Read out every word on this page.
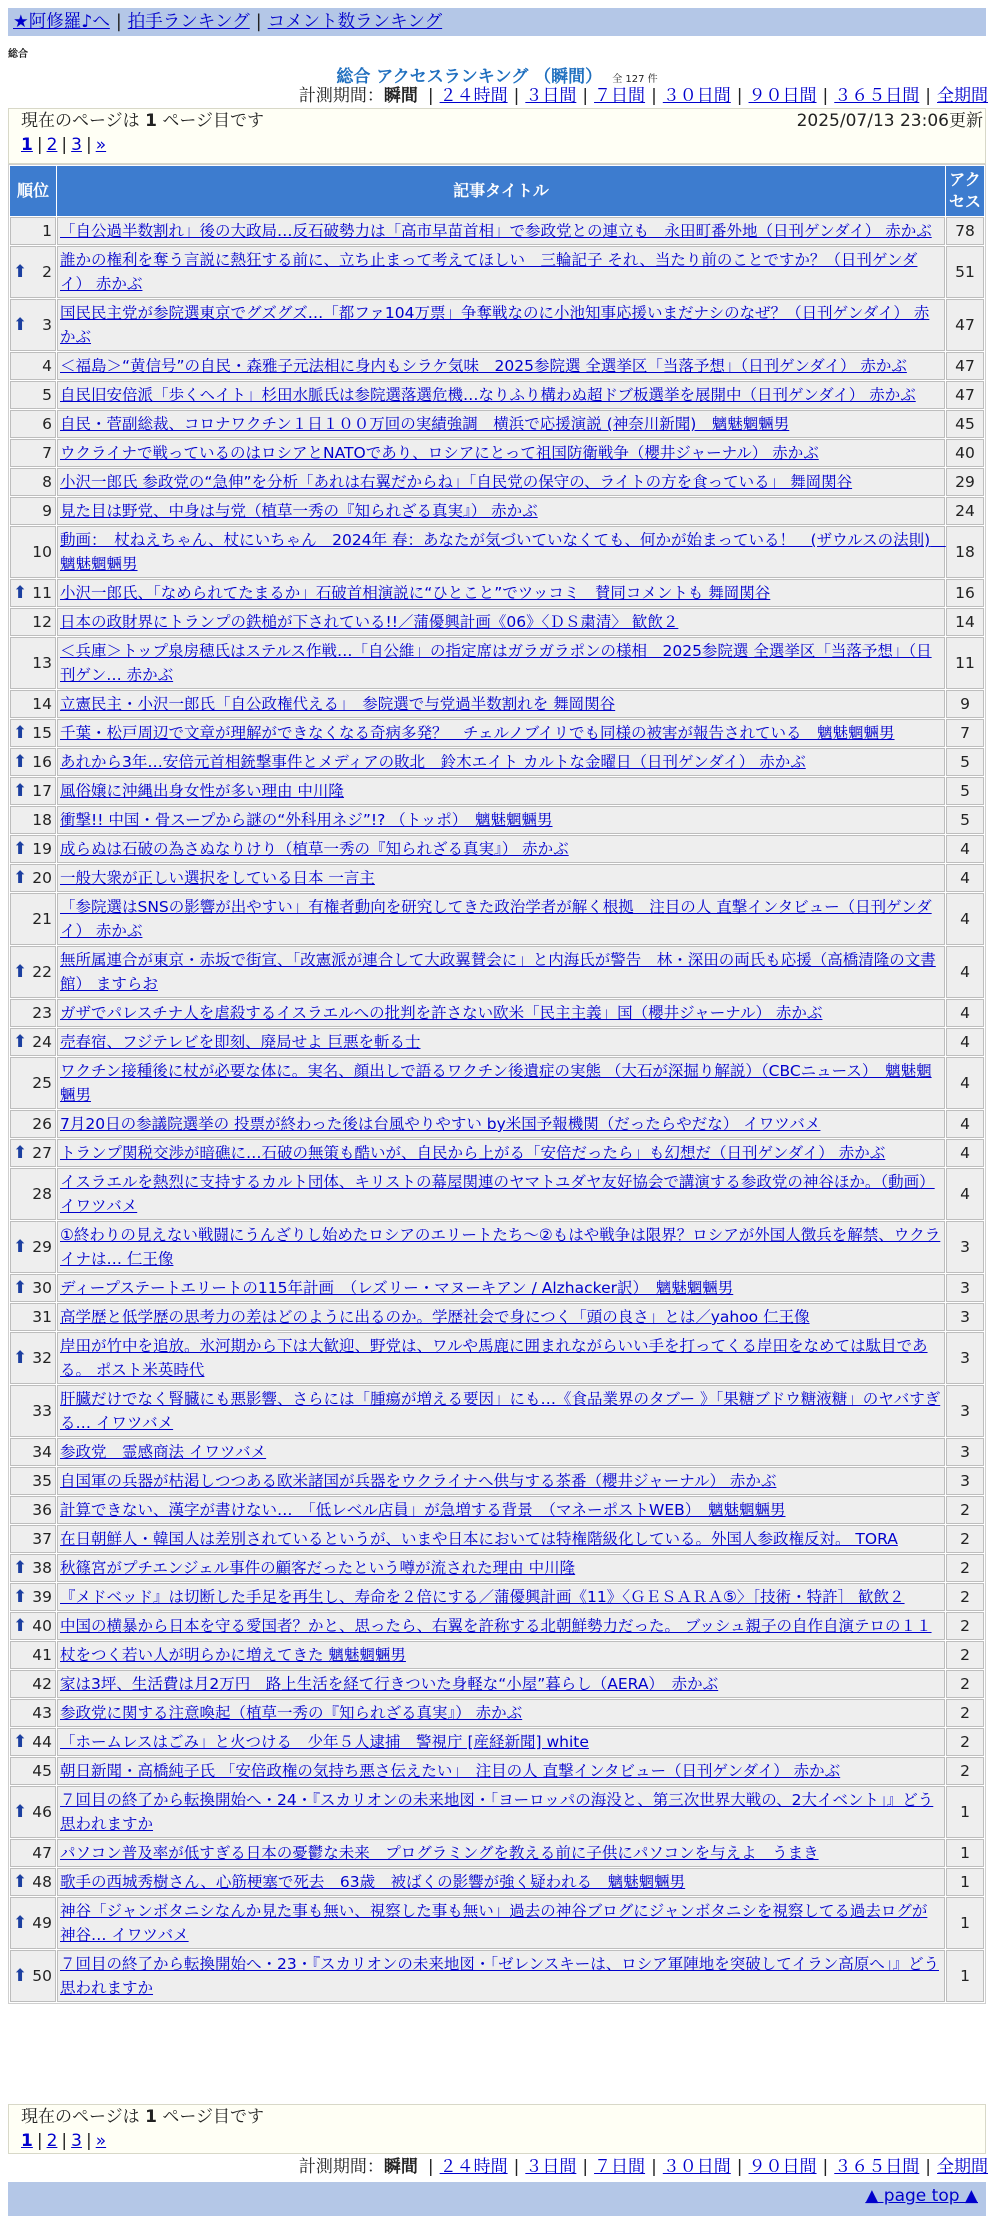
★阿修羅♪へ | 拍手ランキング | コメント数ランキング
総合
総合 アクセスランキング （瞬間） 全 127 件
計測期間：瞬間 | ２４時間 | ３日間 | ７日間 | ３０日間 | ９０日間 | ３６５日間 | 全期間
現在のページは 1 ページ目です	2025/07/13 23:06更新
1 | 2 | 3 | »
順位	記事タイトル	アクセス
1	「自公過半数割れ」後の大政局…反石破勢力は「高市早苗首相」で参政党との連立も　永田町番外地（日刊ゲンダイ） 赤かぶ	78

⬆ 2	誰かの権利を奪う言説に熱狂する前に、立ち止まって考えてほしい　三輪記子 それ、当たり前のことですか？（日刊ゲンダイ） 赤かぶ	51

⬆ 3	国民民主党が参院選東京でグズグズ…「都ファ104万票」争奪戦なのに小池知事応援いまだナシのなぜ？（日刊ゲンダイ） 赤かぶ	47
4	＜福島＞“黄信号”の自民・森雅子元法相に身内もシラケ気味　2025参院選 全選挙区「当落予想」（日刊ゲンダイ） 赤かぶ	47
5	自民旧安倍派「歩くヘイト」杉田水脈氏は参院選落選危機…なりふり構わぬ超ドブ板選挙を展開中（日刊ゲンダイ） 赤かぶ	47
6	自民・菅副総裁、コロナワクチン１日１００万回の実績強調　横浜で応援演説 (神奈川新聞)　魑魅魍魎男	45
7	ウクライナで戦っているのはロシアとNATOであり、ロシアにとって祖国防衛戦争（櫻井ジャーナル） 赤かぶ	40
8	小沢一郎氏 参政党の“急伸”を分析「あれは右翼だからね」「自民党の保守の、ライトの方を食っている」 舞岡関谷	29
9	見た目は野党、中身は与党（植草一秀の『知られざる真実』） 赤かぶ	24
10	動画：　杖ねえちゃん、杖にいちゃん　2024年 春：あなたが気づいていなくても、何かが始まっている！　(ザウルスの法則)　魑魅魍魎男	18

⬆ 11	小沢一郎氏、「なめられてたまるか」石破首相演説に“ひとこと”でツッコミ　賛同コメントも 舞岡関谷	16
12	日本の政財界にトランプの鉄槌が下されている!!／蒲優興計画《06》〈ＤＳ粛清〉 歓飲２	14
13	＜兵庫＞トップ泉房穂氏はステルス作戦…「自公維」の指定席はガラガラポンの様相　2025参院選 全選挙区「当落予想」（日刊ゲン… 赤かぶ	11
14	立憲民主・小沢一郎氏「自公政権代える」　参院選で与党過半数割れを 舞岡関谷	9

⬆ 15	千葉・松戸周辺で文章が理解ができなくなる奇病多発？　チェルノブイリでも同様の被害が報告されている　魑魅魍魎男	7

⬆ 16	あれから3年…安倍元首相銃撃事件とメディアの敗北　鈴木エイト カルトな金曜日（日刊ゲンダイ） 赤かぶ	5

⬆ 17	風俗嬢に沖縄出身女性が多い理由 中川隆	5
18	衝撃!! 中国・骨スープから謎の“外科用ネジ”!? （トッポ）　魑魅魍魎男	5

⬆ 19	成らぬは石破の為さぬなりけり（植草一秀の『知られざる真実』） 赤かぶ	4

⬆ 20	一般大衆が正しい選択をしている日本 一言主	4
21	「参院選はSNSの影響が出やすい」有権者動向を研究してきた政治学者が解く根拠　注目の人 直撃インタビュー（日刊ゲンダイ） 赤かぶ	4

⬆ 22	無所属連合が東京・赤坂で街宣、「改憲派が連合して大政翼賛会に」と内海氏が警告　林・深田の両氏も応援（高橋清隆の文書館） ますらお	4
23	ガザでパレスチナ人を虐殺するイスラエルへの批判を許さない欧米「民主主義」国（櫻井ジャーナル） 赤かぶ	4

⬆ 24	売春宿、フジテレビを即刻、廃局せよ 巨悪を斬る士	4
25	ワクチン接種後に杖が必要な体に。実名、顔出しで語るワクチン後遺症の実態 （大石が深掘り解説）（CBCニュース）　魑魅魍魎男	4
26	7月20日の参議院選挙の 投票が終わった後は台風やりやすい by米国予報機関（だったらやだな） イワツバメ	4

⬆ 27	トランプ関税交渉が暗礁に…石破の無策も酷いが、自民から上がる「安倍だったら」も幻想だ（日刊ゲンダイ） 赤かぶ	4
28	イスラエルを熱烈に支持するカルト団体、キリストの幕屋関連のヤマトユダヤ友好協会で講演する参政党の神谷ほか。（動画） イワツバメ	4

⬆ 29	①終わりの見えない戦闘にうんざりし始めたロシアのエリートたち～②もはや戦争は限界？ロシアが外国人徴兵を解禁、ウクライナは… 仁王像	3

⬆ 30	ディープステートエリートの115年計画　（レズリー・マヌーキアン / Alzhacker訳）　魑魅魍魎男	3
31	高学歴と低学歴の思考力の差はどのように出るのか。学歴社会で身につく「頭の良さ」とは／yahoo 仁王像	3

⬆ 32	岸田が竹中を追放。氷河期から下は大歓迎、野党は、ワルや馬鹿に囲まれながらいい手を打ってくる岸田をなめては駄目である。 ポスト米英時代	3
33	肝臓だけでなく腎臓にも悪影響、さらには「腫瘍が増える要因」にも…《食品業界のタブー 》「果糖ブドウ糖液糖」のヤバすぎる… イワツバメ	3
34	参政党　霊感商法 イワツバメ	3
35	自国軍の兵器が枯渇しつつある欧米諸国が兵器をウクライナへ供与する茶番（櫻井ジャーナル） 赤かぶ	3
36	計算できない、漢字が書けない…　「低レベル店員」が急増する背景　（マネーポストWEB）　魑魅魍魎男	2
37	在日朝鮮人・韓国人は差別されているというが、いまや日本においては特権階級化している。外国人参政権反対。 TORA	2

⬆ 38	秋篠宮がプチエンジェル事件の顧客だったという噂が流された理由 中川隆	2

⬆ 39	『メドベッド』は切断した手足を再生し、寿命を２倍にする／蒲優興計画《11》〈ＧＥＳＡＲＡ⑤〉［技術・特許］ 歓飲２	2

⬆ 40	中国の横暴から日本を守る愛国者？かと、思ったら、右翼を許称する北朝鮮勢力だった。 ブッシュ親子の自作自演テロの１１	2
41	杖をつく若い人が明らかに増えてきた 魑魅魍魎男	2
42	家は3坪、生活費は月2万円　路上生活を経て行きついた身軽な“小屋”暮らし（AERA）　赤かぶ	2
43	参政党に関する注意喚起（植草一秀の『知られざる真実』） 赤かぶ	2

⬆ 44	「ホームレスはごみ」と火つける　少年５人逮捕　警視庁 [産経新聞] white	2
45	朝日新聞・高橋純子氏 「安倍政権の気持ち悪さ伝えたい」　注目の人 直撃インタビュー（日刊ゲンダイ） 赤かぶ	2

⬆ 46	７回目の終了から転換開始へ・24・『スカリオンの未来地図・「ヨーロッパの海没と、第三次世界大戦の、2大イベント」』どう思われますか	1
47	パソコン普及率が低すぎる日本の憂鬱な未来　プログラミングを教える前に子供にパソコンを与えよ　うまき	1

⬆ 48	歌手の西城秀樹さん、心筋梗塞で死去　63歳　被ばくの影響が強く疑われる　魑魅魍魎男	1

⬆ 49	神谷「ジャンボタニシなんか見た事も無い、視察した事も無い」過去の神谷ブログにジャンボタニシを視察してる過去ログが 神谷… イワツバメ	1

⬆ 50	７回目の終了から転換開始へ・23・『スカリオンの未来地図・「ゼレンスキーは、ロシア軍陣地を突破してイラン高原へ」』どう思われますか	1
現在のページは 1 ページ目です
1 | 2 | 3 | »
計測期間：瞬間 | ２４時間 | ３日間 | ７日間 | ３０日間 | ９０日間 | ３６５日間 | 全期間
▲ page top ▲
